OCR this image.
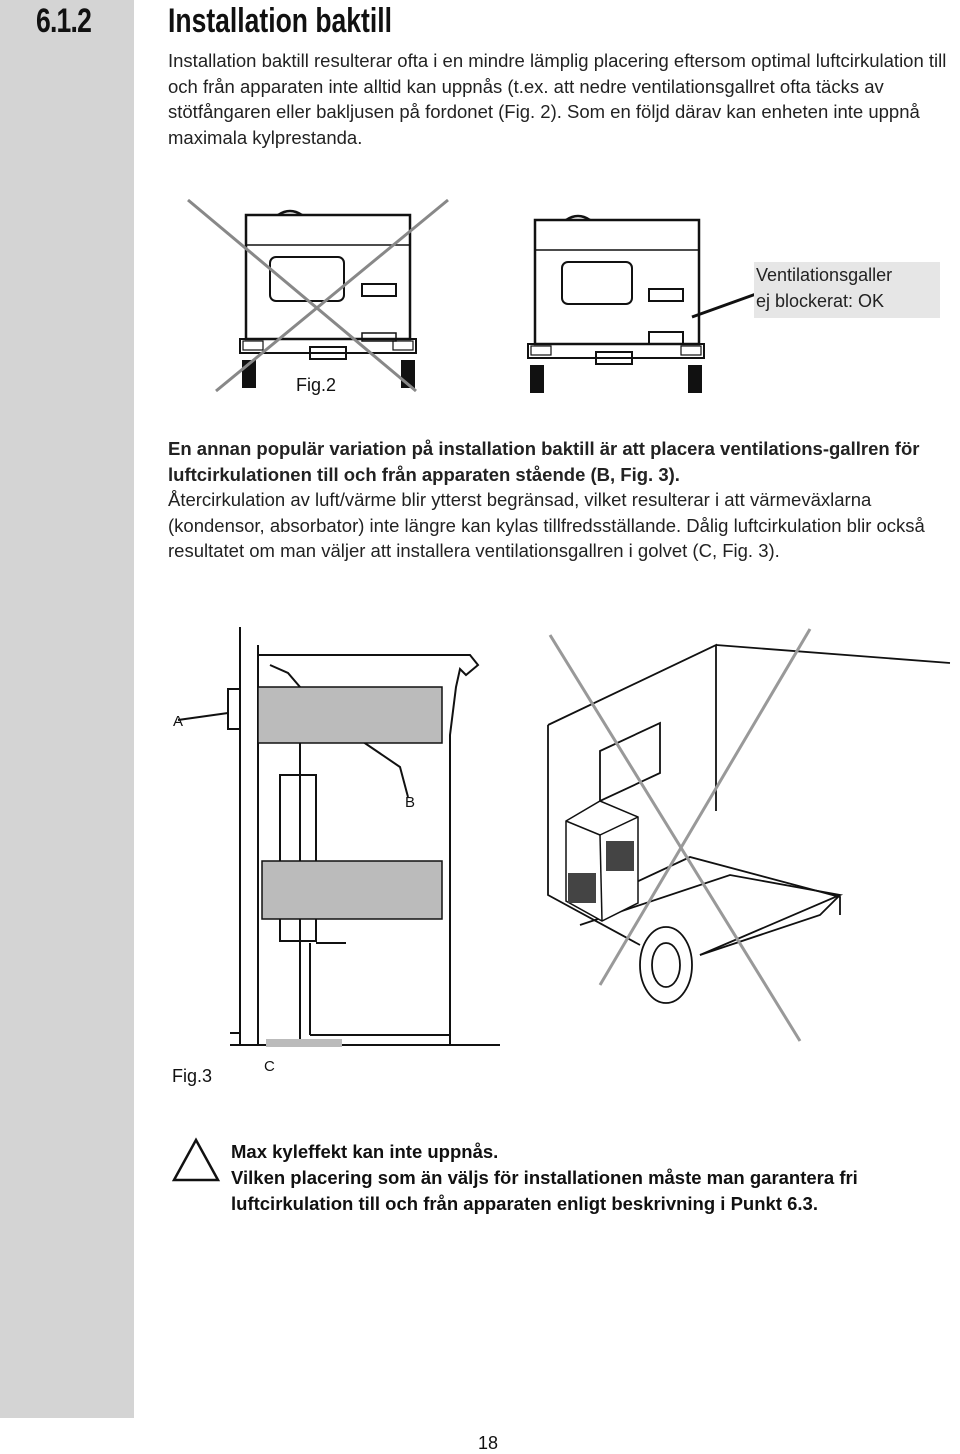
6.1.2 Installation baktill

Installation baktill resulterar ofta i en mindre lämplig placering eftersom optimal luftcirkulation till och från apparaten inte alltid kan uppnås (t.ex. att nedre ventilationsgallret ofta täcks av stötfångaren eller bakljusen på fordonet (Fig. 2). Som en följd därav kan enheten inte uppnå maximala kylprestanda.

Ventilationsgaller
ej blockerat: OK
Fig.2

En annan populär variation på installation baktill är att placera ventilations-gallren för luftcirkulationen till och från apparaten stående (B, Fig. 3).

Återcirkulation av luft/värme blir ytterst begränsad, vilket resulterar i att värmeväxlarna (kondensor, absorbator) inte längre kan kylas tillfredsställande. Dålig luftcirkulation blir också resultatet om man väljer att installera ventilationsgallren i golvet (C, Fig. 3).

A
B
C
Fig.3
Max kyleffekt kan inte uppnås.
Vilken placering som än väljs för installationen måste man garantera fri
luftcirkulation till och från apparaten enligt beskrivning i Punkt 6.3.
18
